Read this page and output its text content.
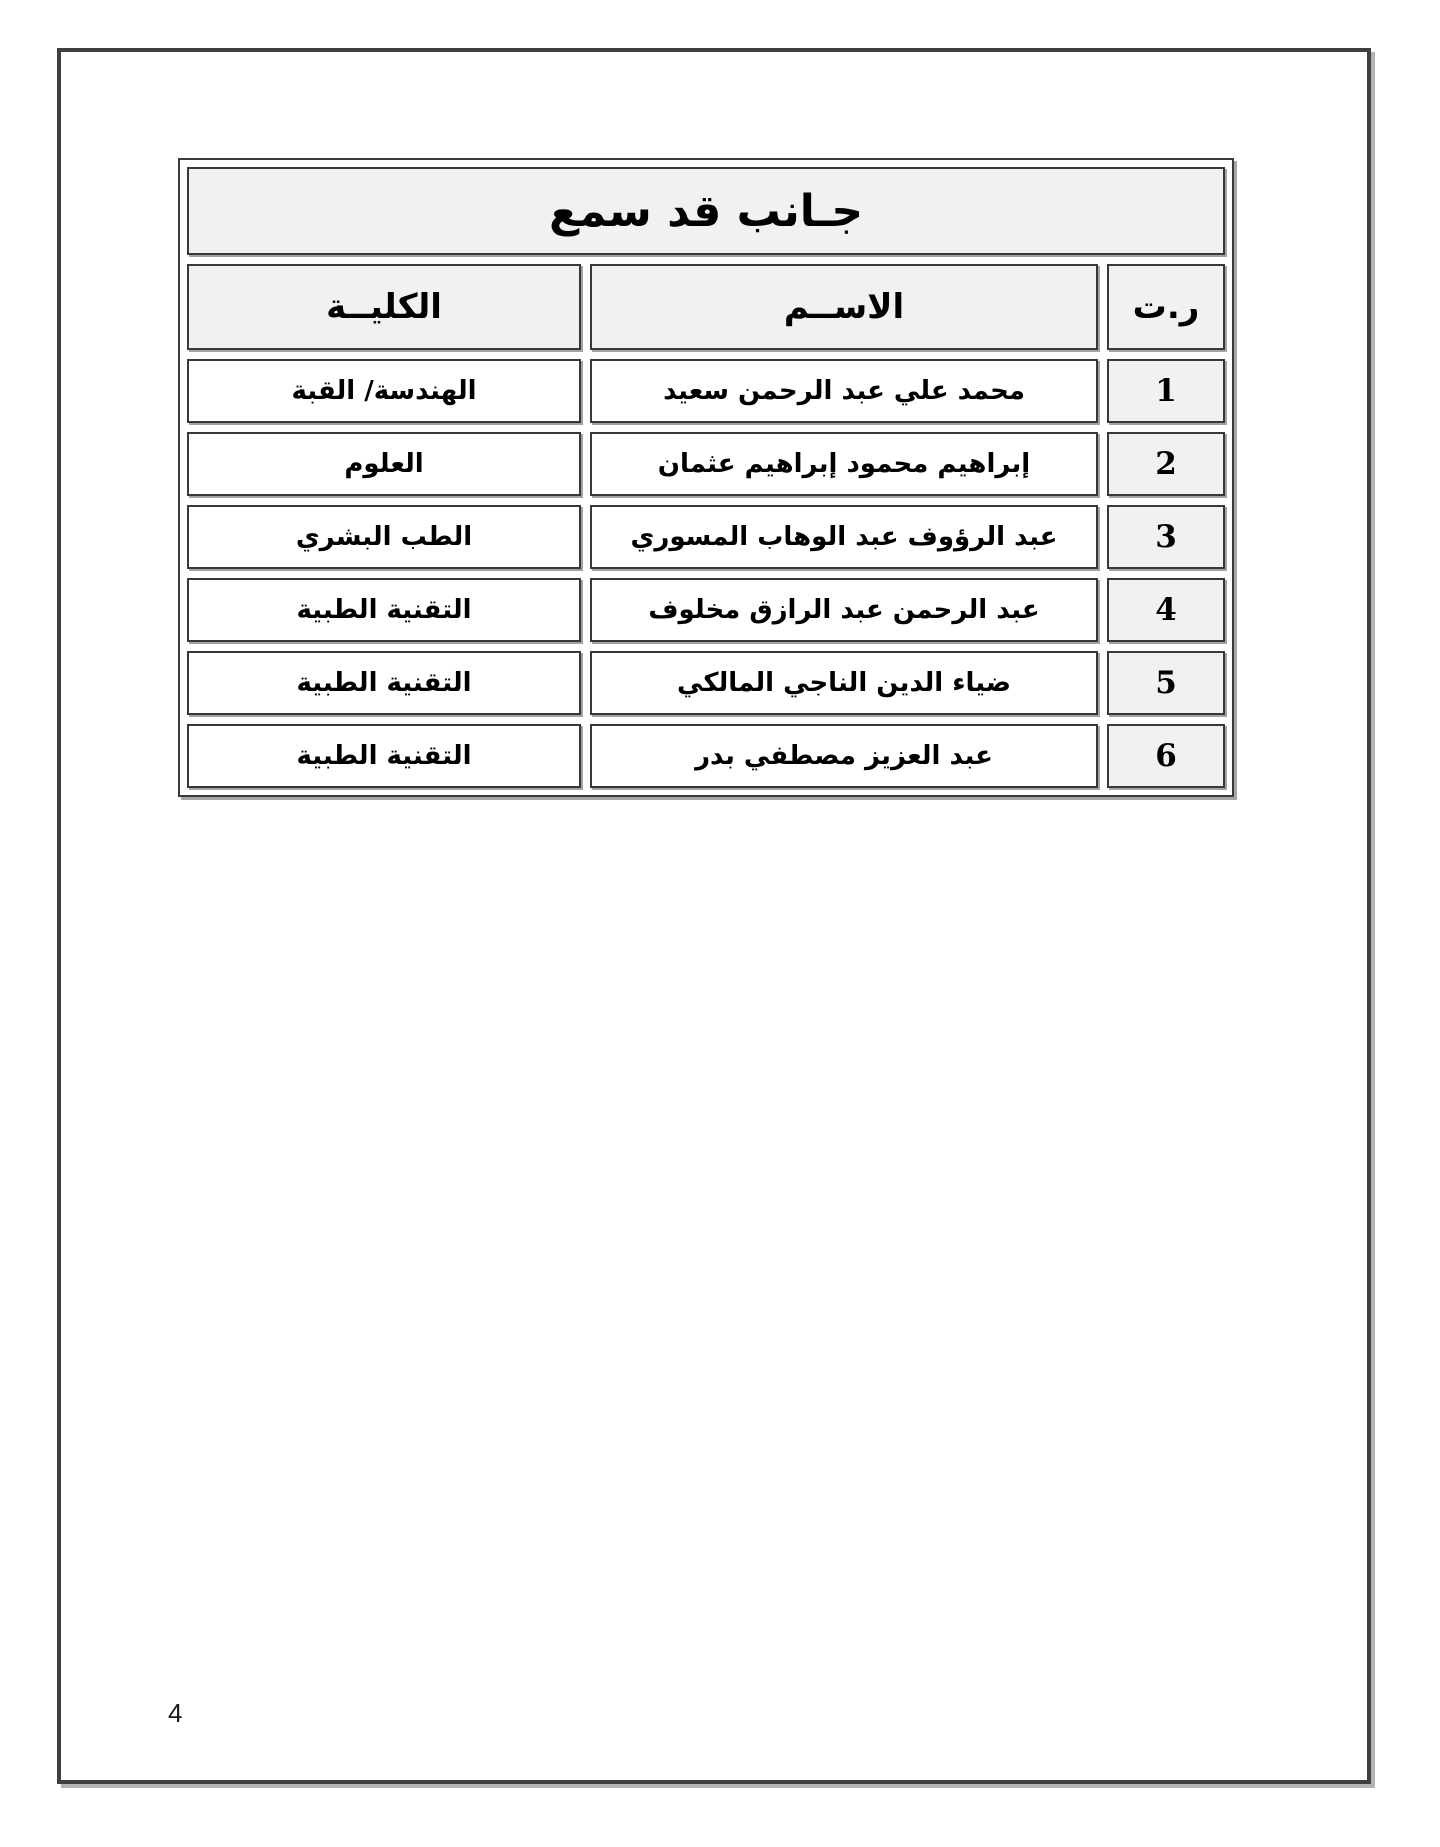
جـانب قد سمع
ر.ت
الاســم
الكليــة
1
محمد علي عبد الرحمن سعيد
الهندسة/ القبة
2
إبراهيم محمود إبراهيم عثمان
العلوم
3
عبد الرؤوف عبد الوهاب المسوري
الطب البشري
4
عبد الرحمن عبد الرازق مخلوف
التقنية الطبية
5
ضياء الدين الناجي المالكي
التقنية الطبية
6
عبد العزيز مصطفي بدر
التقنية الطبية
4
